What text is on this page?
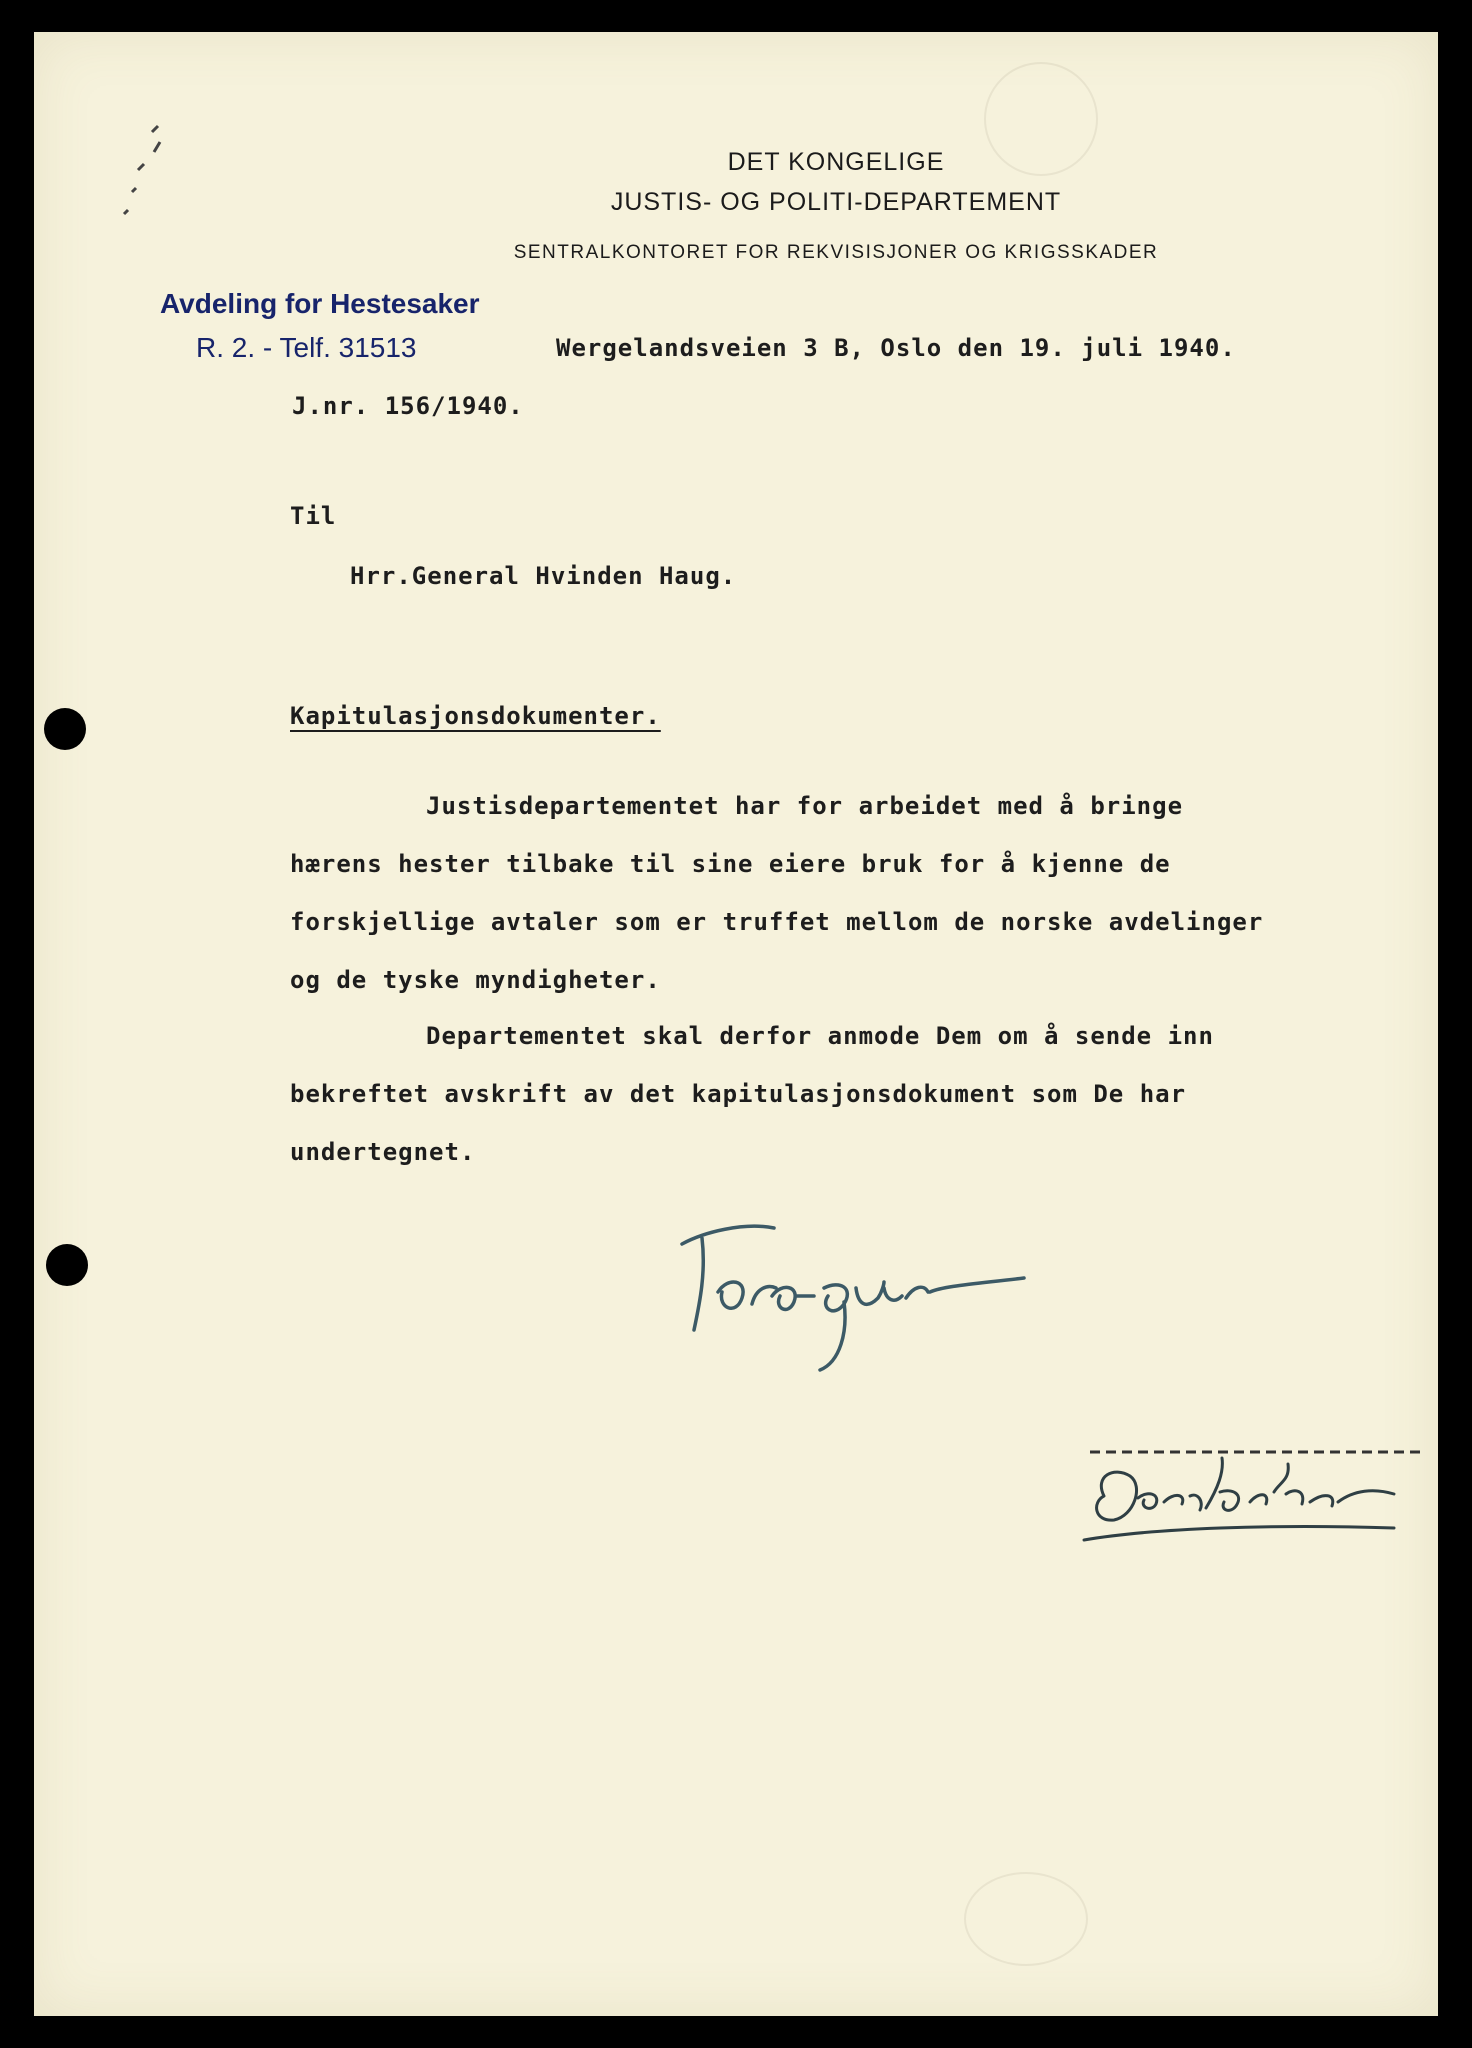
DET KONGELIGE
JUSTIS- OG POLITI-DEPARTEMENT
SENTRALKONTORET FOR REKVISISJONER OG KRIGSSKADER
Avdeling for Hestesaker
R. 2. - Telf. 31513	Wergelandsveien 3 B, Oslo den 19. juli 1940.
J.nr. 156/1940.
Til
Hrr.General Hvinden Haug.
Kapitulasjonsdokumenter.
Justisdepartementet har for arbeidet med å bringe
hærens hester tilbake til sine eiere bruk for å kjenne de
forskjellige avtaler som er truffet mellom de norske avdelinger
og de tyske myndigheter.
Departementet skal derfor anmode Dem om å sende inn
bekreftet avskrift av det kapitulasjonsdokument som De har
undertegnet.
